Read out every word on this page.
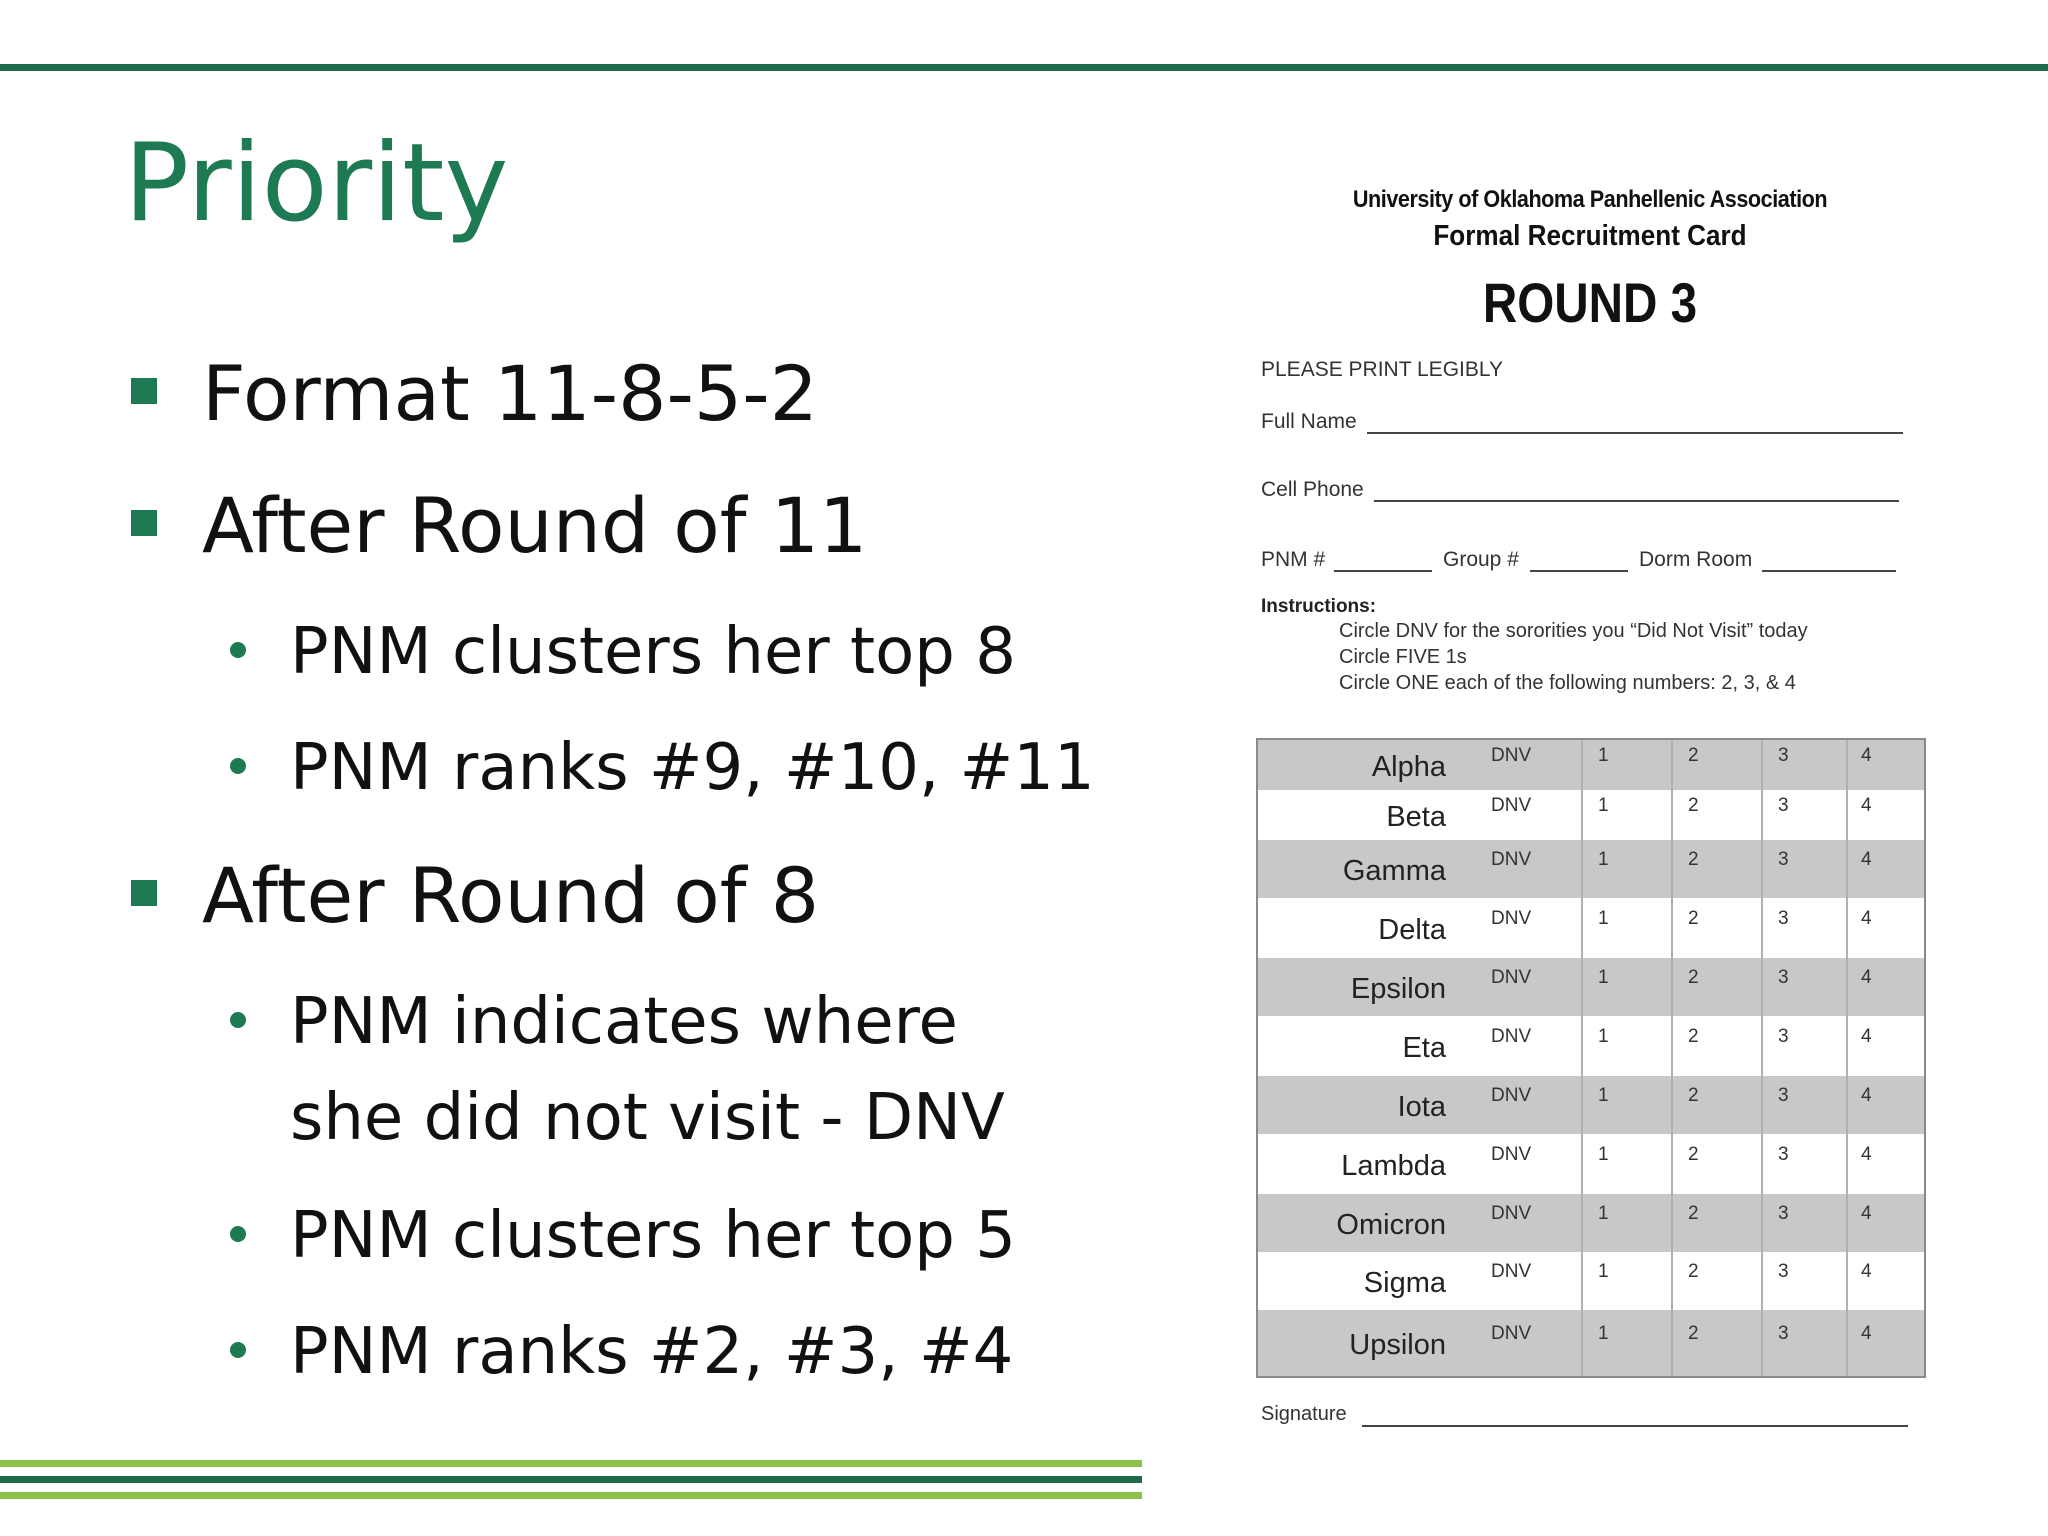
Priority
Format 11-8-5-2
After Round of 11
PNM clusters her top 8
PNM ranks #9, #10, #11
After Round of 8
PNM indicates where
she did not visit - DNV
PNM clusters her top 5
PNM ranks #2, #3, #4
University of Oklahoma Panhellenic Association
Formal Recruitment Card
ROUND 3
PLEASE PRINT LEGIBLY
Full Name
Cell Phone
PNM #	Group #	Dorm Room
Instructions:
Circle DNV for the sororities you “Did Not Visit” today
Circle FIVE 1s
Circle ONE each of the following numbers: 2, 3, & 4
Alpha DNV	1	2	3	4
Beta DNV	1	2	3	4
Gamma DNV	1	2	3	4
Delta DNV	1	2	3	4
Epsilon DNV	1	2	3	4
Eta DNV	1	2	3	4
Iota DNV	1	2	3	4
Lambda DNV	1	2	3	4
Omicron DNV	1	2	3	4
Sigma DNV	1	2	3	4
Upsilon DNV	1	2	3	4
Signature
